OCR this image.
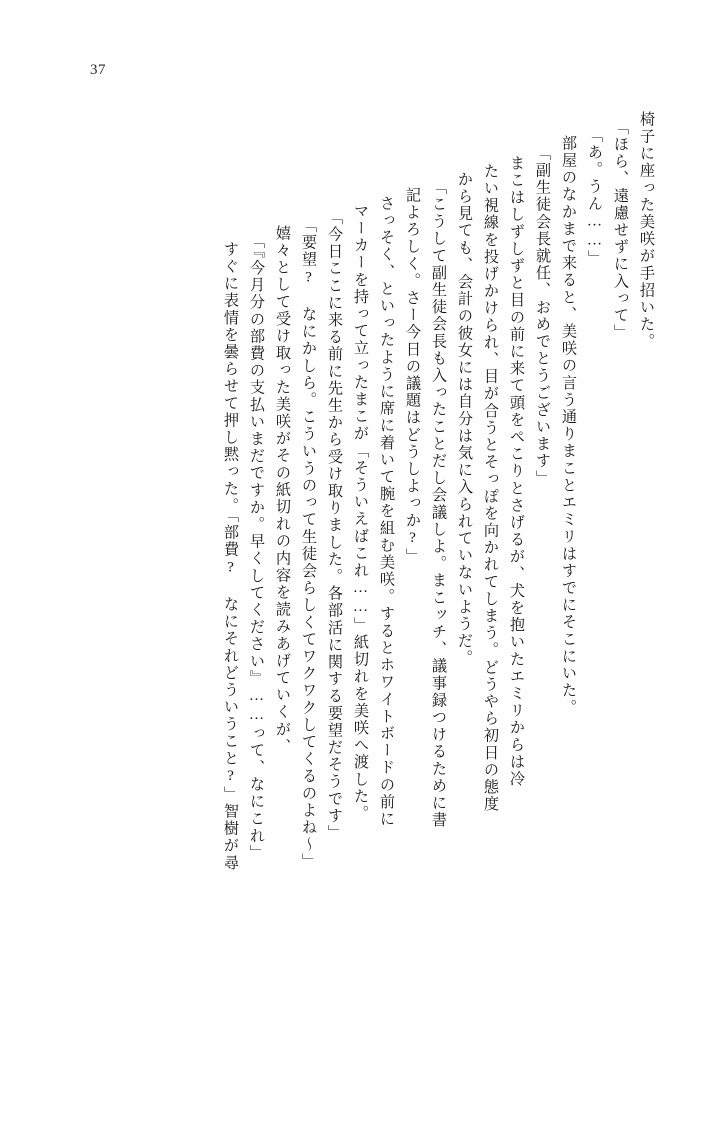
37
椅子に座った美咲が手招いた。
「ほら、遠慮せずに入って」
「あ。うん……」
部屋のなかまで来ると、美咲の言う通りまことエミリはすでにそこにいた。
「副生徒会長就任、おめでとうございます」
まこはしずしずと目の前に来て頭をぺこりとさげるが、犬を抱いたエミリからは冷
たい視線を投げかけられ、目が合うとそっぽを向かれてしまう。どうやら初日の態度
から見ても、会計の彼女には自分は気に入られていないようだ。
「こうして副生徒会長も入ったことだし会議しよ。まこッチ、議事録つけるために書
記よろしく。さー今日の議題はどうしよっか?」
さっそく、といったように席に着いて腕を組む美咲。するとホワイトボードの前に
マーカーを持って立ったまこが「そういえばこれ……」紙切れを美咲へ渡した。
「今日ここに来る前に先生から受け取りました。各部活に関する要望だそうです」
「要望? なにかしら。こういうのって生徒会らしくてワクワクしてくるのよね〜」
嬉々として受け取った美咲がその紙切れの内容を読みあげていくが、
「『今月分の部費の支払いまだですか。早くしてください』……って、なにこれ」
すぐに表情を曇らせて押し黙った。「部費? なにそれどういうこと?」智樹が尋
